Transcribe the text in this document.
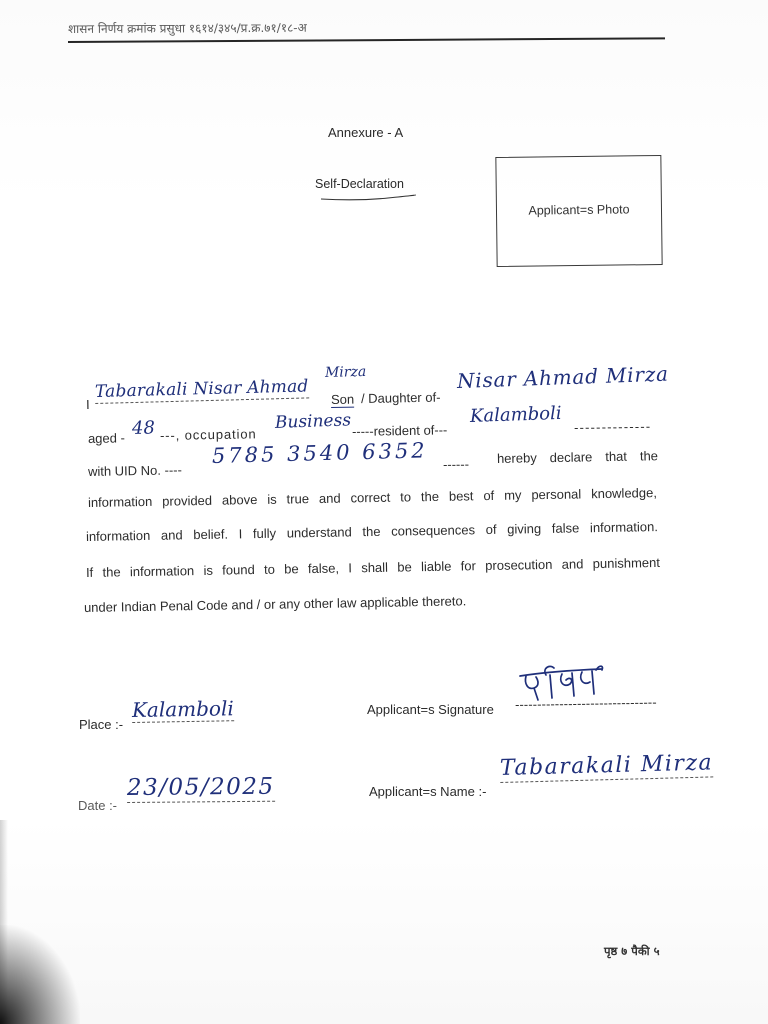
शासन निर्णय क्रमांक प्रसुधा १६१४/३४५/प्र.क्र.७१/१८-अ
Annexure - A
Self-Declaration
Applicant=s Photo
I
Tabarakali Nisar Ahmad
Mirza
Son / Daughter of-
Nisar Ahmad Mirza
aged - 48 ---, occupation
Business -----resident of---
Kalamboli --------------
with UID No. ----
5785 3540 6352 ------ hereby declare that the
information provided above is true and correct to the best of my personal knowledge,
information and belief. I fully understand the consequences of giving false information.
If the information is found to be false, I shall be liable for prosecution and punishment
under Indian Penal Code and / or any other law applicable thereto.
Place :-
Kalamboli	Applicant=s Signature --------------------------------
Date :-
23/05/2025	Applicant=s Name :-
Tabarakali Mirza
पृष्ठ ७ पैकी ५
